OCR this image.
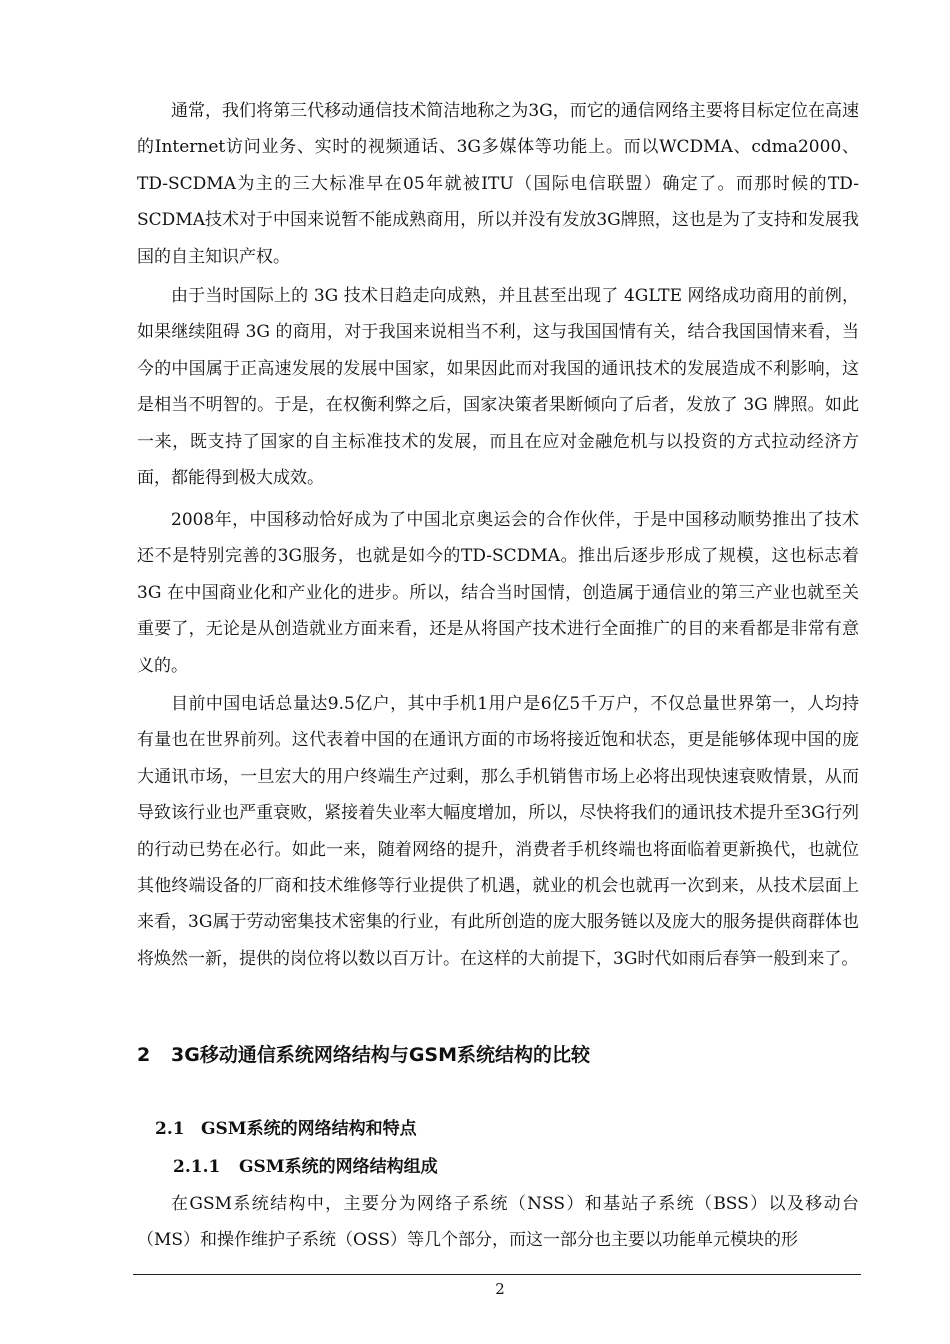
通常，我们将第三代移动通信技术简洁地称之为3G，而它的通信网络主要将目标定位在高速的Internet访问业务、实时的视频通话、3G多媒体等功能上。而以WCDMA、cdma2000、TD-SCDMA为主的三大标准早在05年就被ITU（国际电信联盟）确定了。而那时候的TD-SCDMA技术对于中国来说暂不能成熟商用，所以并没有发放3G牌照，这也是为了支持和发展我国的自主知识产权。

由于当时国际上的 3G 技术日趋走向成熟，并且甚至出现了 4GLTE 网络成功商用的前例，如果继续阻碍 3G 的商用，对于我国来说相当不利，这与我国国情有关，结合我国国情来看，当今的中国属于正高速发展的发展中国家，如果因此而对我国的通讯技术的发展造成不利影响，这是相当不明智的。于是，在权衡利弊之后，国家决策者果断倾向了后者，发放了 3G 牌照。如此一来，既支持了国家的自主标准技术的发展，而且在应对金融危机与以投资的方式拉动经济方面，都能得到极大成效。

2008年，中国移动恰好成为了中国北京奥运会的合作伙伴，于是中国移动顺势推出了技术还不是特别完善的3G服务，也就是如今的TD-SCDMA。推出后逐步形成了规模，这也标志着 3G 在中国商业化和产业化的进步。所以，结合当时国情，创造属于通信业的第三产业也就至关重要了，无论是从创造就业方面来看，还是从将国产技术进行全面推广的目的来看都是非常有意义的。

目前中国电话总量达9.5亿户，其中手机1用户是6亿5千万户，不仅总量世界第一，人均持有量也在世界前列。这代表着中国的在通讯方面的市场将接近饱和状态，更是能够体现中国的庞大通讯市场，一旦宏大的用户终端生产过剩，那么手机销售市场上必将出现快速衰败情景，从而导致该行业也严重衰败，紧接着失业率大幅度增加，所以，尽快将我们的通讯技术提升至3G行列的行动已势在必行。如此一来，随着网络的提升，消费者手机终端也将面临着更新换代，也就位其他终端设备的厂商和技术维修等行业提供了机遇，就业的机会也就再一次到来，从技术层面上来看，3G属于劳动密集技术密集的行业，有此所创造的庞大服务链以及庞大的服务提供商群体也将焕然一新，提供的岗位将以数以百万计。在这样的大前提下，3G时代如雨后春笋一般到来了。

2 3G移动通信系统网络结构与GSM系统结构的比较
2.1 GSM系统的网络结构和特点
2.1.1 GSM系统的网络结构组成

在GSM系统结构中，主要分为网络子系统（NSS）和基站子系统（BSS）以及移动台（MS）和操作维护子系统（OSS）等几个部分，而这一部分也主要以功能单元模块的形

2
